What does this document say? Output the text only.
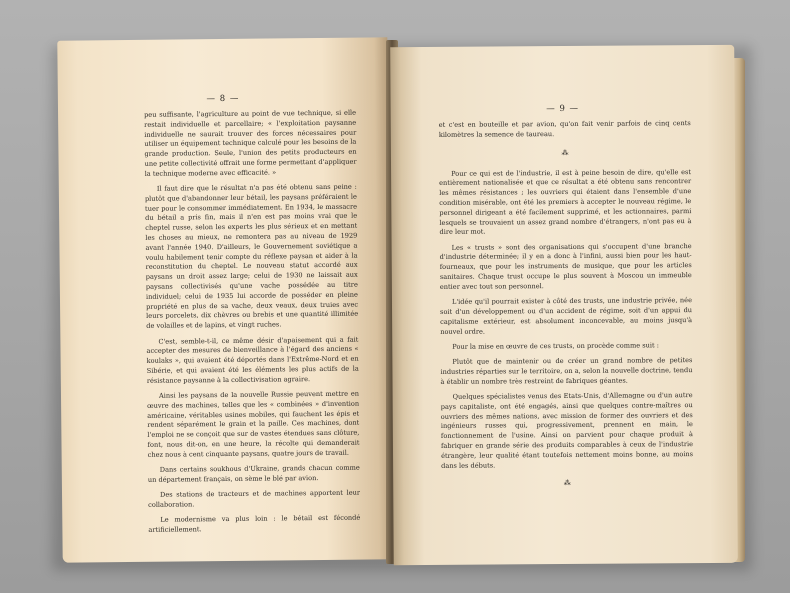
— 8 —

peu suffisante, l'agriculture au point de vue technique, si elle restait individuelle et parcellaire; « l'exploitation paysanne individuelle ne saurait trouver des forces nécessaires pour utiliser un équipement technique calculé pour les besoins de la grande production. Seule, l'union des petits producteurs en une petite collectivité offrait une forme permettant d'appliquer la technique moderne avec efficacité. »

Il faut dire que le résultat n'a pas été obtenu sans peine : plutôt que d'abandonner leur bétail, les paysans préféraient le tuer pour le consommer immédiatement. En 1934, le massacre du bétail a pris fin, mais il n'en est pas moins vrai que le cheptel russe, selon les experts les plus sérieux et en mettant les choses au mieux, ne remontera pas au niveau de 1929 avant l'année 1940. D'ailleurs, le Gouvernement soviétique a voulu habilement tenir compte du réflexe paysan et aider à la reconstitution du cheptel. Le nouveau statut accordé aux paysans un droit assez large; celui de 1930 ne laissait aux paysans collectivisés qu'une vache possédée au titre individuel; celui de 1935 lui accorde de posséder en pleine propriété en plus de sa vache, deux veaux, deux truies avec leurs porcelets, dix chèvres ou brebis et une quantité illimitée de volailles et de lapins, et vingt ruches.

C'est, semble-t-il, ce même désir d'apaisement qui a fait accepter des mesures de bienveillance à l'égard des anciens « koulaks », qui avaient été déportés dans l'Extrême-Nord et en Sibérie, et qui avaient été les éléments les plus actifs de la résistance paysanne à la collectivisation agraire.

Ainsi les paysans de la nouvelle Russie peuvent mettre en œuvre des machines, telles que les « combinées » d'invention américaine, véritables usines mobiles, qui fauchent les épis et rendent séparément le grain et la paille. Ces machines, dont l'emploi ne se conçoit que sur de vastes étendues sans clôture, font, nous dit-on, en une heure, la récolte qui demanderait chez nous à cent cinquante paysans, quatre jours de travail.

Dans certains soukhous d'Ukraine, grands chacun comme un département français, on sème le blé par avion.

Des stations de tracteurs et de machines apportent leur collaboration.

Le modernisme va plus loin : le bétail est fécondé artificiellement.

— 9 —

et c'est en bouteille et par avion, qu'on fait venir parfois de cinq cents kilomètres la semence de taureau.

⁂

Pour ce qui est de l'industrie, il est à peine besoin de dire, qu'elle est entièrement nationalisée et que ce résultat a été obtenu sans rencontrer les mêmes résistances ; les ouvriers qui étaient dans l'ensemble d'une condition misérable, ont été les premiers à accepter le nouveau régime, le personnel dirigeant a été facilement supprimé, et les actionnaires, parmi lesquels se trouvaient un assez grand nombre d'étrangers, n'ont pas eu à dire leur mot.

Les « trusts » sont des organisations qui s'occupent d'une branche d'industrie déterminée; il y en a donc à l'infini, aussi bien pour les haut-fourneaux, que pour les instruments de musique, que pour les articles sanitaires. Chaque trust occupe le plus souvent à Moscou un immeuble entier avec tout son personnel.

L'idée qu'il pourrait exister à côté des trusts, une industrie privée, née soit d'un développement ou d'un accident de régime, soit d'un appui du capitalisme extérieur, est absolument inconcevable, au moins jusqu'à nouvel ordre.

Pour la mise en œuvre de ces trusts, on procède comme suit :

Plutôt que de maintenir ou de créer un grand nombre de petites industries réparties sur le territoire, on a, selon la nouvelle doctrine, tendu à établir un nombre très restreint de fabriques géantes.

Quelques spécialistes venus des Etats-Unis, d'Allemagne ou d'un autre pays capitaliste, ont été engagés, ainsi que quelques contre-maîtres ou ouvriers des mêmes nations, avec mission de former des ouvriers et des ingénieurs russes qui, progressivement, prennent en main, le fonctionnement de l'usine. Ainsi on parvient pour chaque produit à fabriquer en grande série des produits comparables à ceux de l'industrie étrangère, leur qualité étant toutefois nettement moins bonne, au moins dans les débuts.

⁂
